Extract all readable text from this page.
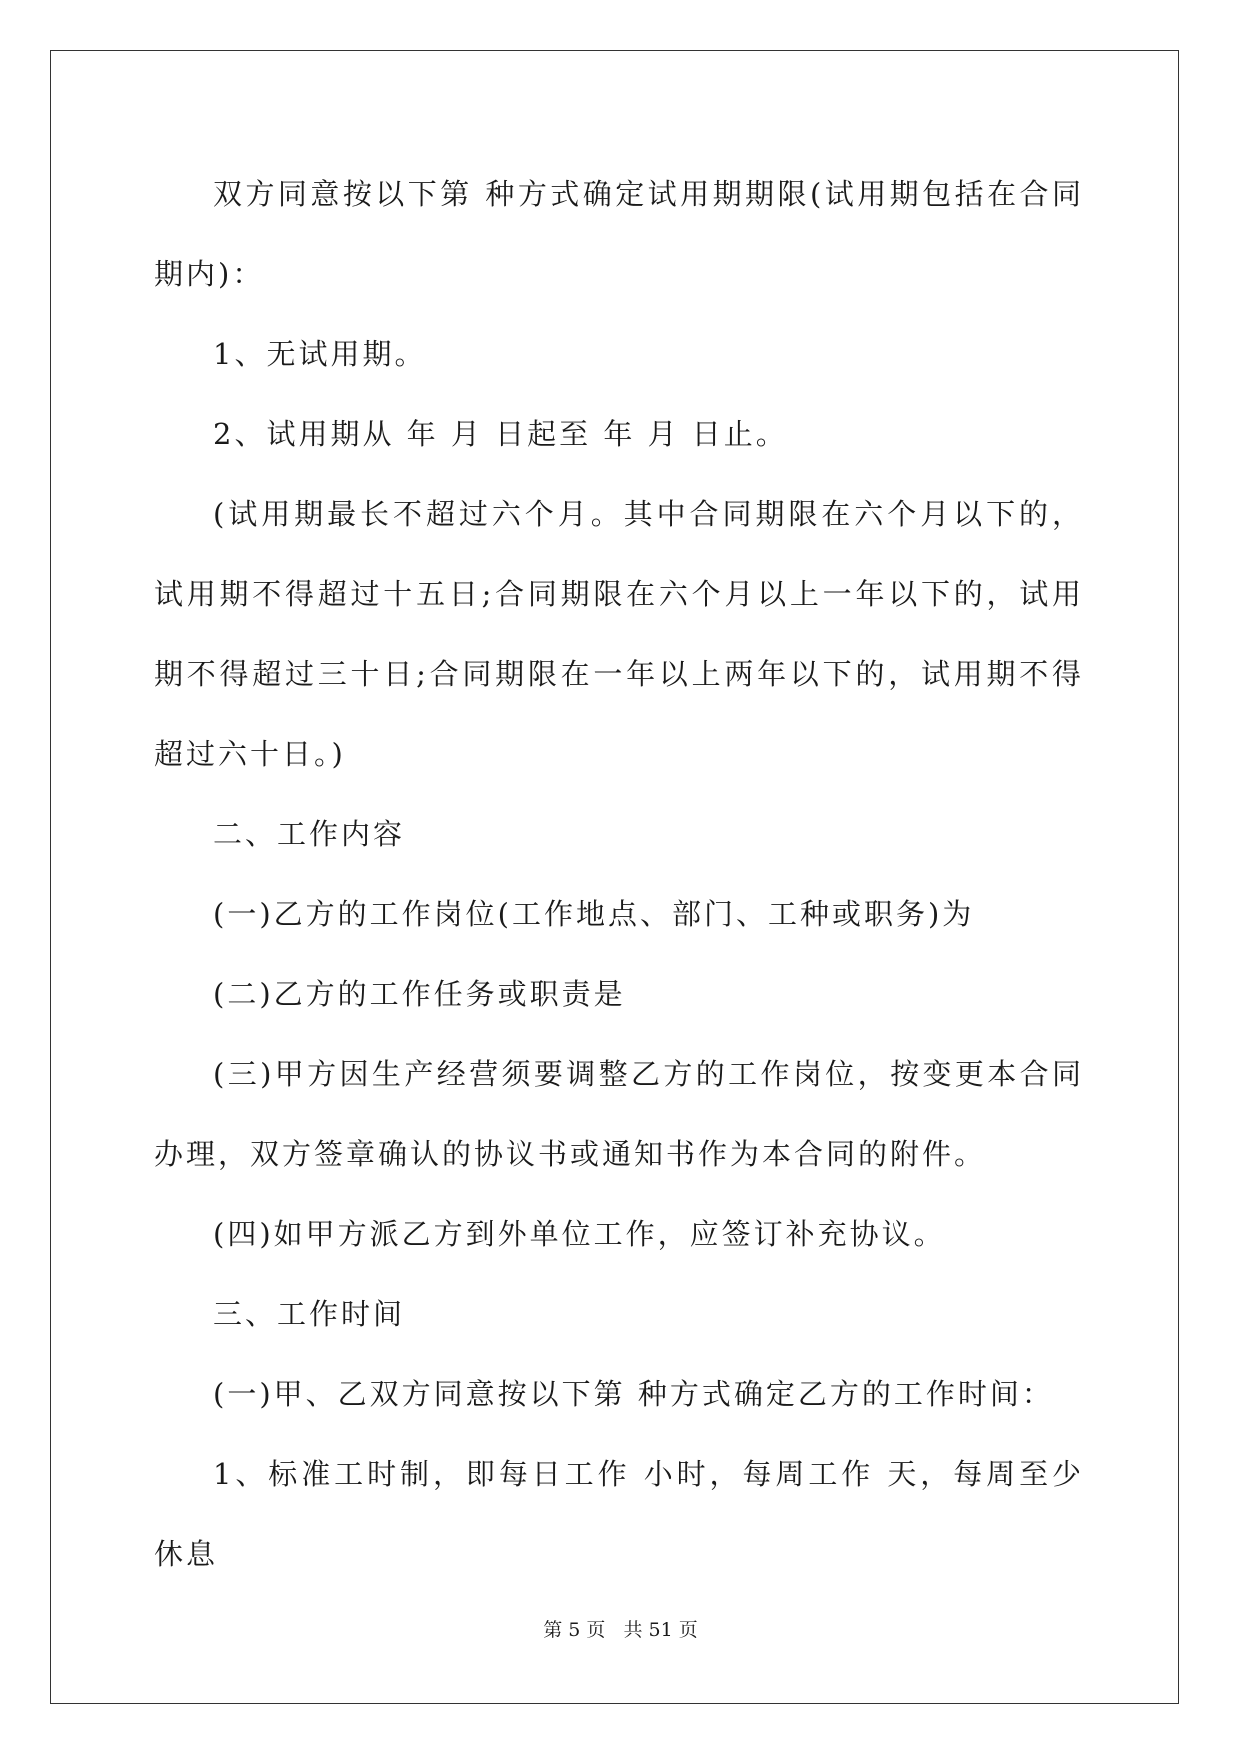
双方同意按以下第 种方式确定试用期期限(试用期包括在合同期内)：

1、无试用期。

2、试用期从 年 月 日起至 年 月 日止。

(试用期最长不超过六个月。其中合同期限在六个月以下的，试用期不得超过十五日;合同期限在六个月以上一年以下的，试用期不得超过三十日;合同期限在一年以上两年以下的，试用期不得超过六十日。)

二、工作内容

(一)乙方的工作岗位(工作地点、部门、工种或职务)为

(二)乙方的工作任务或职责是

(三)甲方因生产经营须要调整乙方的工作岗位，按变更本合同办理，双方签章确认的协议书或通知书作为本合同的附件。

(四)如甲方派乙方到外单位工作，应签订补充协议。

三、工作时间

(一)甲、乙双方同意按以下第 种方式确定乙方的工作时间：

1、标准工时制，即每日工作 小时，每周工作 天，每周至少休息

第 5 页   共 51 页
